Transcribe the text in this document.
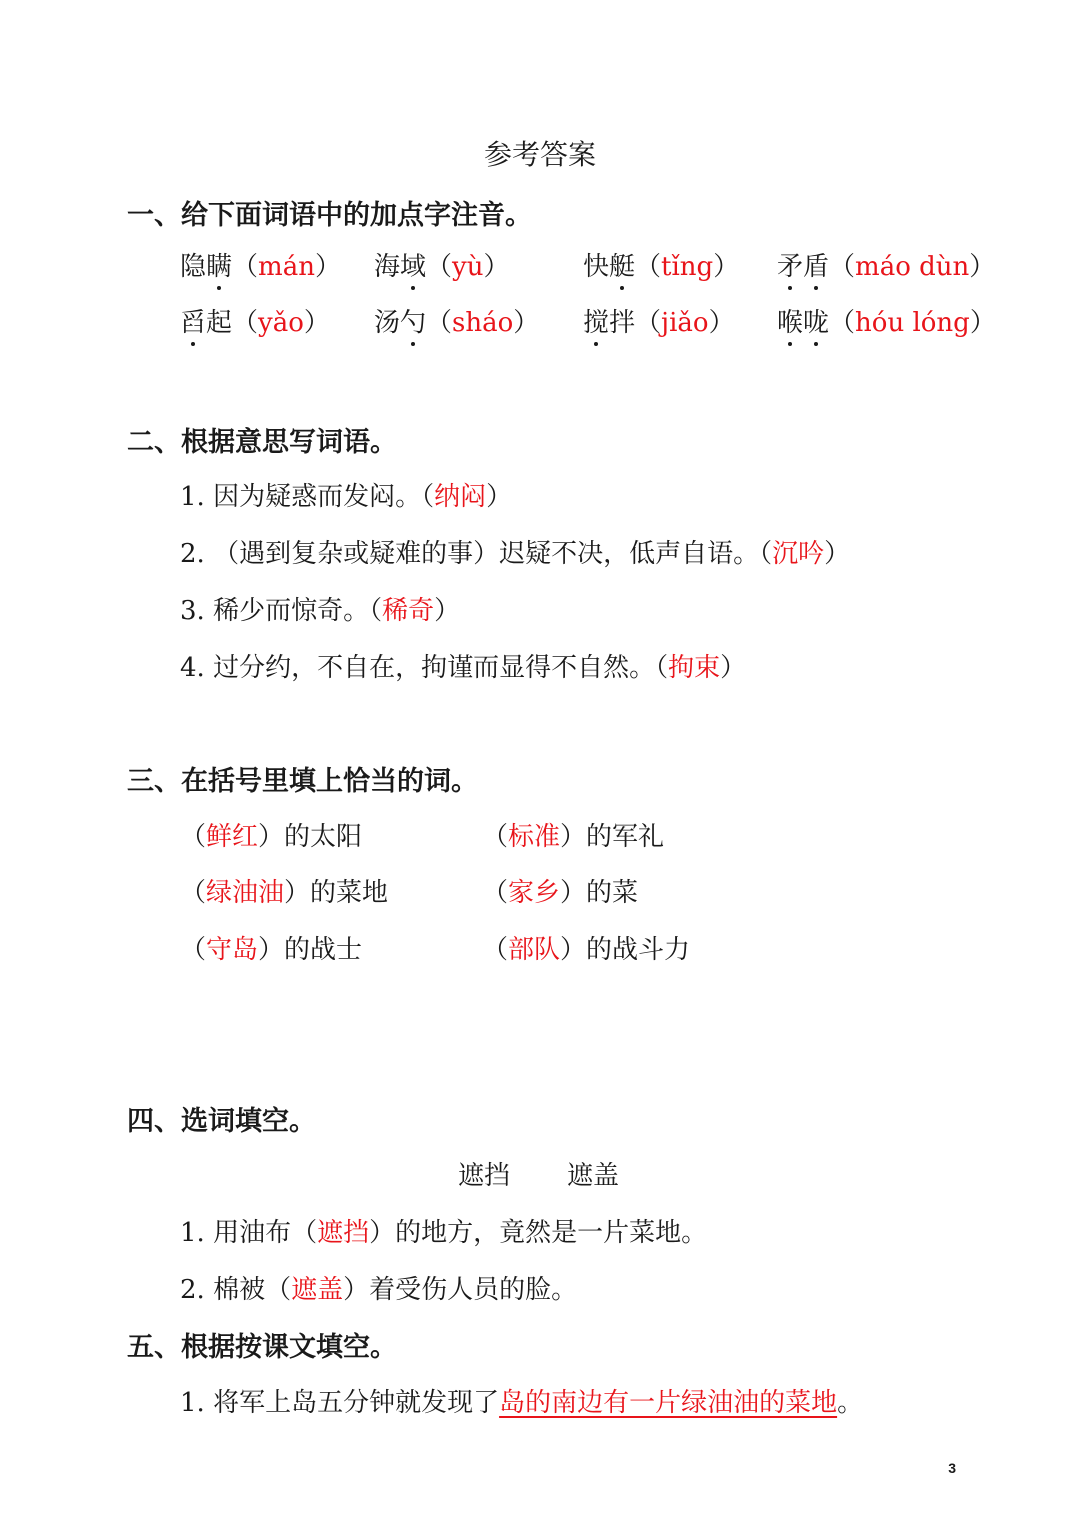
参考答案
一、给下面词语中的加点字注音。
隐瞒（mán） 海域（yù）	快艇（tǐng） 矛盾（máo dùn）
舀起（yǎo） 汤勺（sháo） 搅拌（jiǎo） 喉咙（hóu lóng）
二、根据意思写词语。
1. 因为疑惑而发闷。（纳闷）
2. （遇到复杂或疑难的事）迟疑不决，低声自语。（沉吟）
3. 稀少而惊奇。（稀奇）
4. 过分约，不自在，拘谨而显得不自然。（拘束）
三、在括号里填上恰当的词。
（鲜红）的太阳	（标准）的军礼
（绿油油）的菜地	（家乡）的菜
（守岛）的战士	（部队）的战斗力
四、选词填空。
遮挡 遮盖
1. 用油布（遮挡）的地方，竟然是一片菜地。
2. 棉被（遮盖）着受伤人员的脸。
五、根据按课文填空。
1. 将军上岛五分钟就发现了岛的南边有一片绿油油的菜地。
3
